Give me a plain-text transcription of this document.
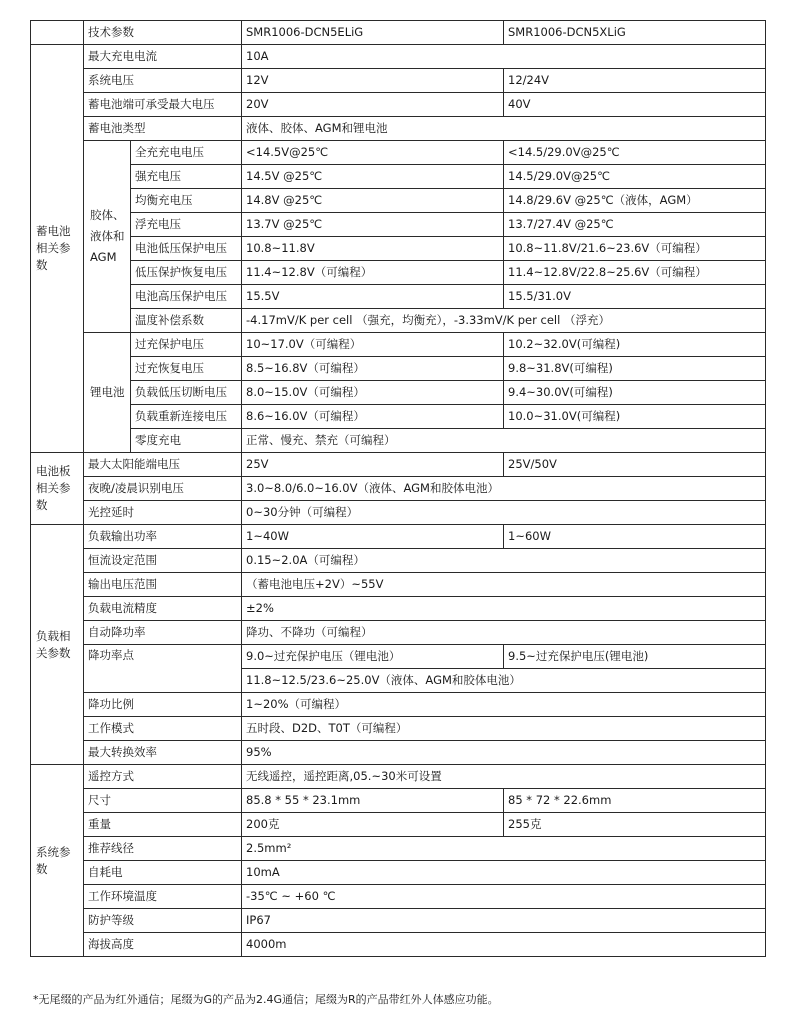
	技术参数		SMR1006-DCN5ELiG	SMR1006-DCN5XLiG
蓄电池相关参数	最大充电电流		10A	
	系统电压		12V	12/24V
	蓄电池端可承受最大电压		20V	40V
	蓄电池类型		液体、胶体、AGM和锂电池	
	胶体、液体和AGM	全充充电电压	<14.5V@25℃	<14.5/29.0V@25℃
		强充电压	14.5V @25℃	14.5/29.0V@25℃
		均衡充电压	14.8V @25℃	14.8/29.6V @25℃（液体，AGM）
		浮充电压	13.7V @25℃	13.7/27.4V @25℃
		电池低压保护电压	10.8~11.8V	10.8~11.8V/21.6~23.6V（可编程）
		低压保护恢复电压	11.4~12.8V（可编程）	11.4~12.8V/22.8~25.6V（可编程）
		电池高压保护电压	15.5V	15.5/31.0V
		温度补偿系数	-4.17mV/K per cell （强充，均衡充），-3.33mV/K per cell （浮充）	
	锂电池	过充保护电压	10~17.0V（可编程）	10.2~32.0V(可编程)
		过充恢复电压	8.5~16.8V（可编程）	9.8~31.8V(可编程)
		负载低压切断电压	8.0~15.0V（可编程）	9.4~30.0V(可编程)
		负载重新连接电压	8.6~16.0V（可编程）	10.0~31.0V(可编程)
		零度充电	正常、慢充、禁充（可编程）	
电池板相关参数	最大太阳能端电压		25V	25V/50V
	夜晚/凌晨识别电压		3.0~8.0/6.0~16.0V（液体、AGM和胶体电池）	
	光控延时		0~30分钟（可编程）	
负载相关参数	负载输出功率		1~40W	1~60W
	恒流设定范围		0.15~2.0A（可编程）	
	输出电压范围		（蓄电池电压+2V）~55V	
	负载电流精度		±2%	
	自动降功率		降功、不降功（可编程）	
	降功率点		9.0~过充保护电压（锂电池）	9.5~过充保护电压(锂电池)
			11.8~12.5/23.6~25.0V（液体、AGM和胶体电池）	
	降功比例		1~20%（可编程）	
	工作模式		五时段、D2D、T0T（可编程）	
	最大转换效率		95%	
系统参数	遥控方式		无线遥控，遥控距离,05.~30米可设置	
	尺寸		85.8 * 55 * 23.1mm	85 * 72 * 22.6mm
	重量		200克	255克
	推荐线径		2.5mm²	
	自耗电		10mA	
	工作环境温度		-35℃ ~ +60 ℃	
	防护等级		IP67	
	海拔高度		4000m	
*无尾缀的产品为红外通信；尾缀为G的产品为2.4G通信；尾缀为R的产品带红外人体感应功能。
